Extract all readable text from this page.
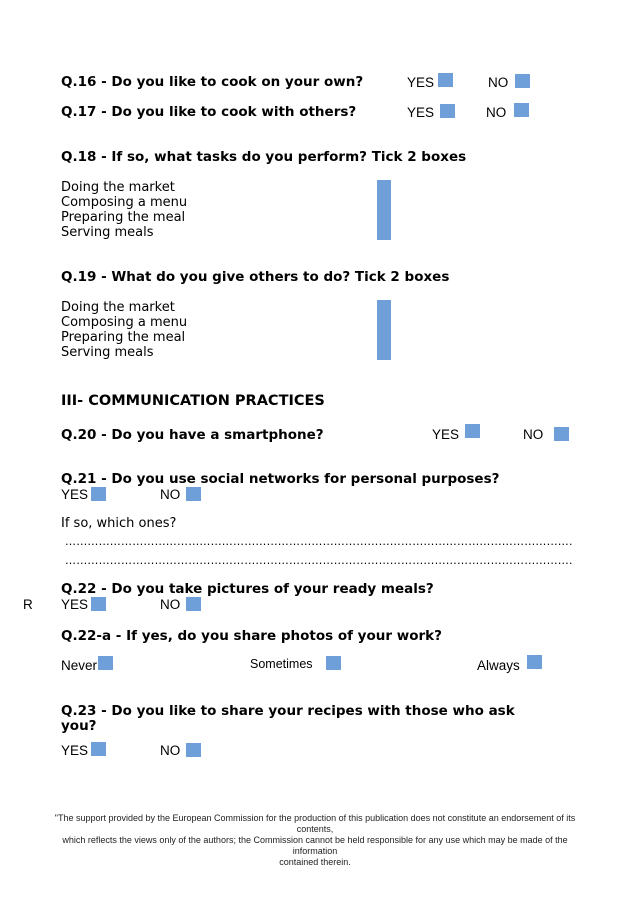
Q.16 - Do you like to cook on your own?	YES	NO
Q.17 - Do you like to cook with others?	YES	NO
Q.18 - If so, what tasks do you perform? Tick 2 boxes
Doing the market
Composing a menu
Preparing the meal
Serving meals
Q.19 - What do you give others to do? Tick 2 boxes
Doing the market
Composing a menu
Preparing the meal
Serving meals
III- COMMUNICATION PRACTICES
Q.20 - Do you have a smartphone?	YES	NO
Q.21 - Do you use social networks for personal purposes?
YES	NO
If so, which ones?
……………………………………………………………………………………………………………………….
……………………………………………………………………………………………………………………….
Q.22 - Do you take pictures of your ready meals?
R YES	NO
Q.22-a - If yes, do you share photos of your work?
Never	Sometimes	Always
Q.23 - Do you like to share your recipes with those who ask
you?
YES	NO
"The support provided by the European Commission for the production of this publication does not constitute an endorsement of its contents,
which reflects the views only of the authors; the Commission cannot be held responsible for any use which may be made of the information
contained therein.
